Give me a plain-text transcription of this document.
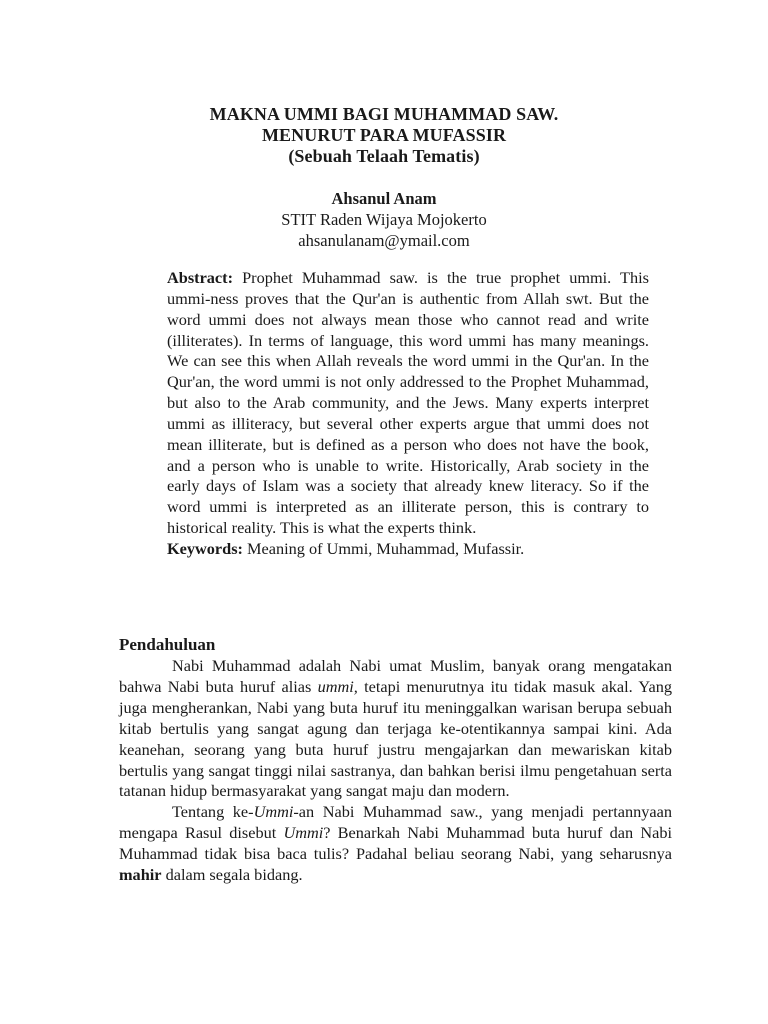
MAKNA UMMI BAGI MUHAMMAD SAW.
MENURUT PARA MUFASSIR
(Sebuah Telaah Tematis)
Ahsanul Anam
STIT Raden Wijaya Mojokerto
ahsanulanam@ymail.com

Abstract: Prophet Muhammad saw. is the true prophet ummi. This ummi-ness proves that the Qur'an is authentic from Allah swt. But the word ummi does not always mean those who cannot read and write (illiterates). In terms of language, this word ummi has many meanings. We can see this when Allah reveals the word ummi in the Qur'an. In the Qur'an, the word ummi is not only addressed to the Prophet Muhammad, but also to the Arab community, and the Jews. Many experts interpret ummi as illiteracy, but several other experts argue that ummi does not mean illiterate, but is defined as a person who does not have the book, and a person who is unable to write. Historically, Arab society in the early days of Islam was a society that already knew literacy. So if the word ummi is interpreted as an illiterate person, this is contrary to historical reality. This is what the experts think.

Keywords: Meaning of Ummi, Muhammad, Mufassir.

Pendahuluan

Nabi Muhammad adalah Nabi umat Muslim, banyak orang mengatakan bahwa Nabi buta huruf alias ummi, tetapi menurutnya itu tidak masuk akal. Yang juga mengherankan, Nabi yang buta huruf itu meninggalkan warisan berupa sebuah kitab bertulis yang sangat agung dan terjaga ke-otentikannya sampai kini. Ada keanehan, seorang yang buta huruf justru mengajarkan dan mewariskan kitab bertulis yang sangat tinggi nilai sastranya, dan bahkan berisi ilmu pengetahuan serta tatanan hidup bermasyarakat yang sangat maju dan modern.

Tentang ke-Ummi-an Nabi Muhammad saw., yang menjadi pertannyaan mengapa Rasul disebut Ummi? Benarkah Nabi Muhammad buta huruf dan Nabi Muhammad tidak bisa baca tulis? Padahal beliau seorang Nabi, yang seharusnya mahir dalam segala bidang.
